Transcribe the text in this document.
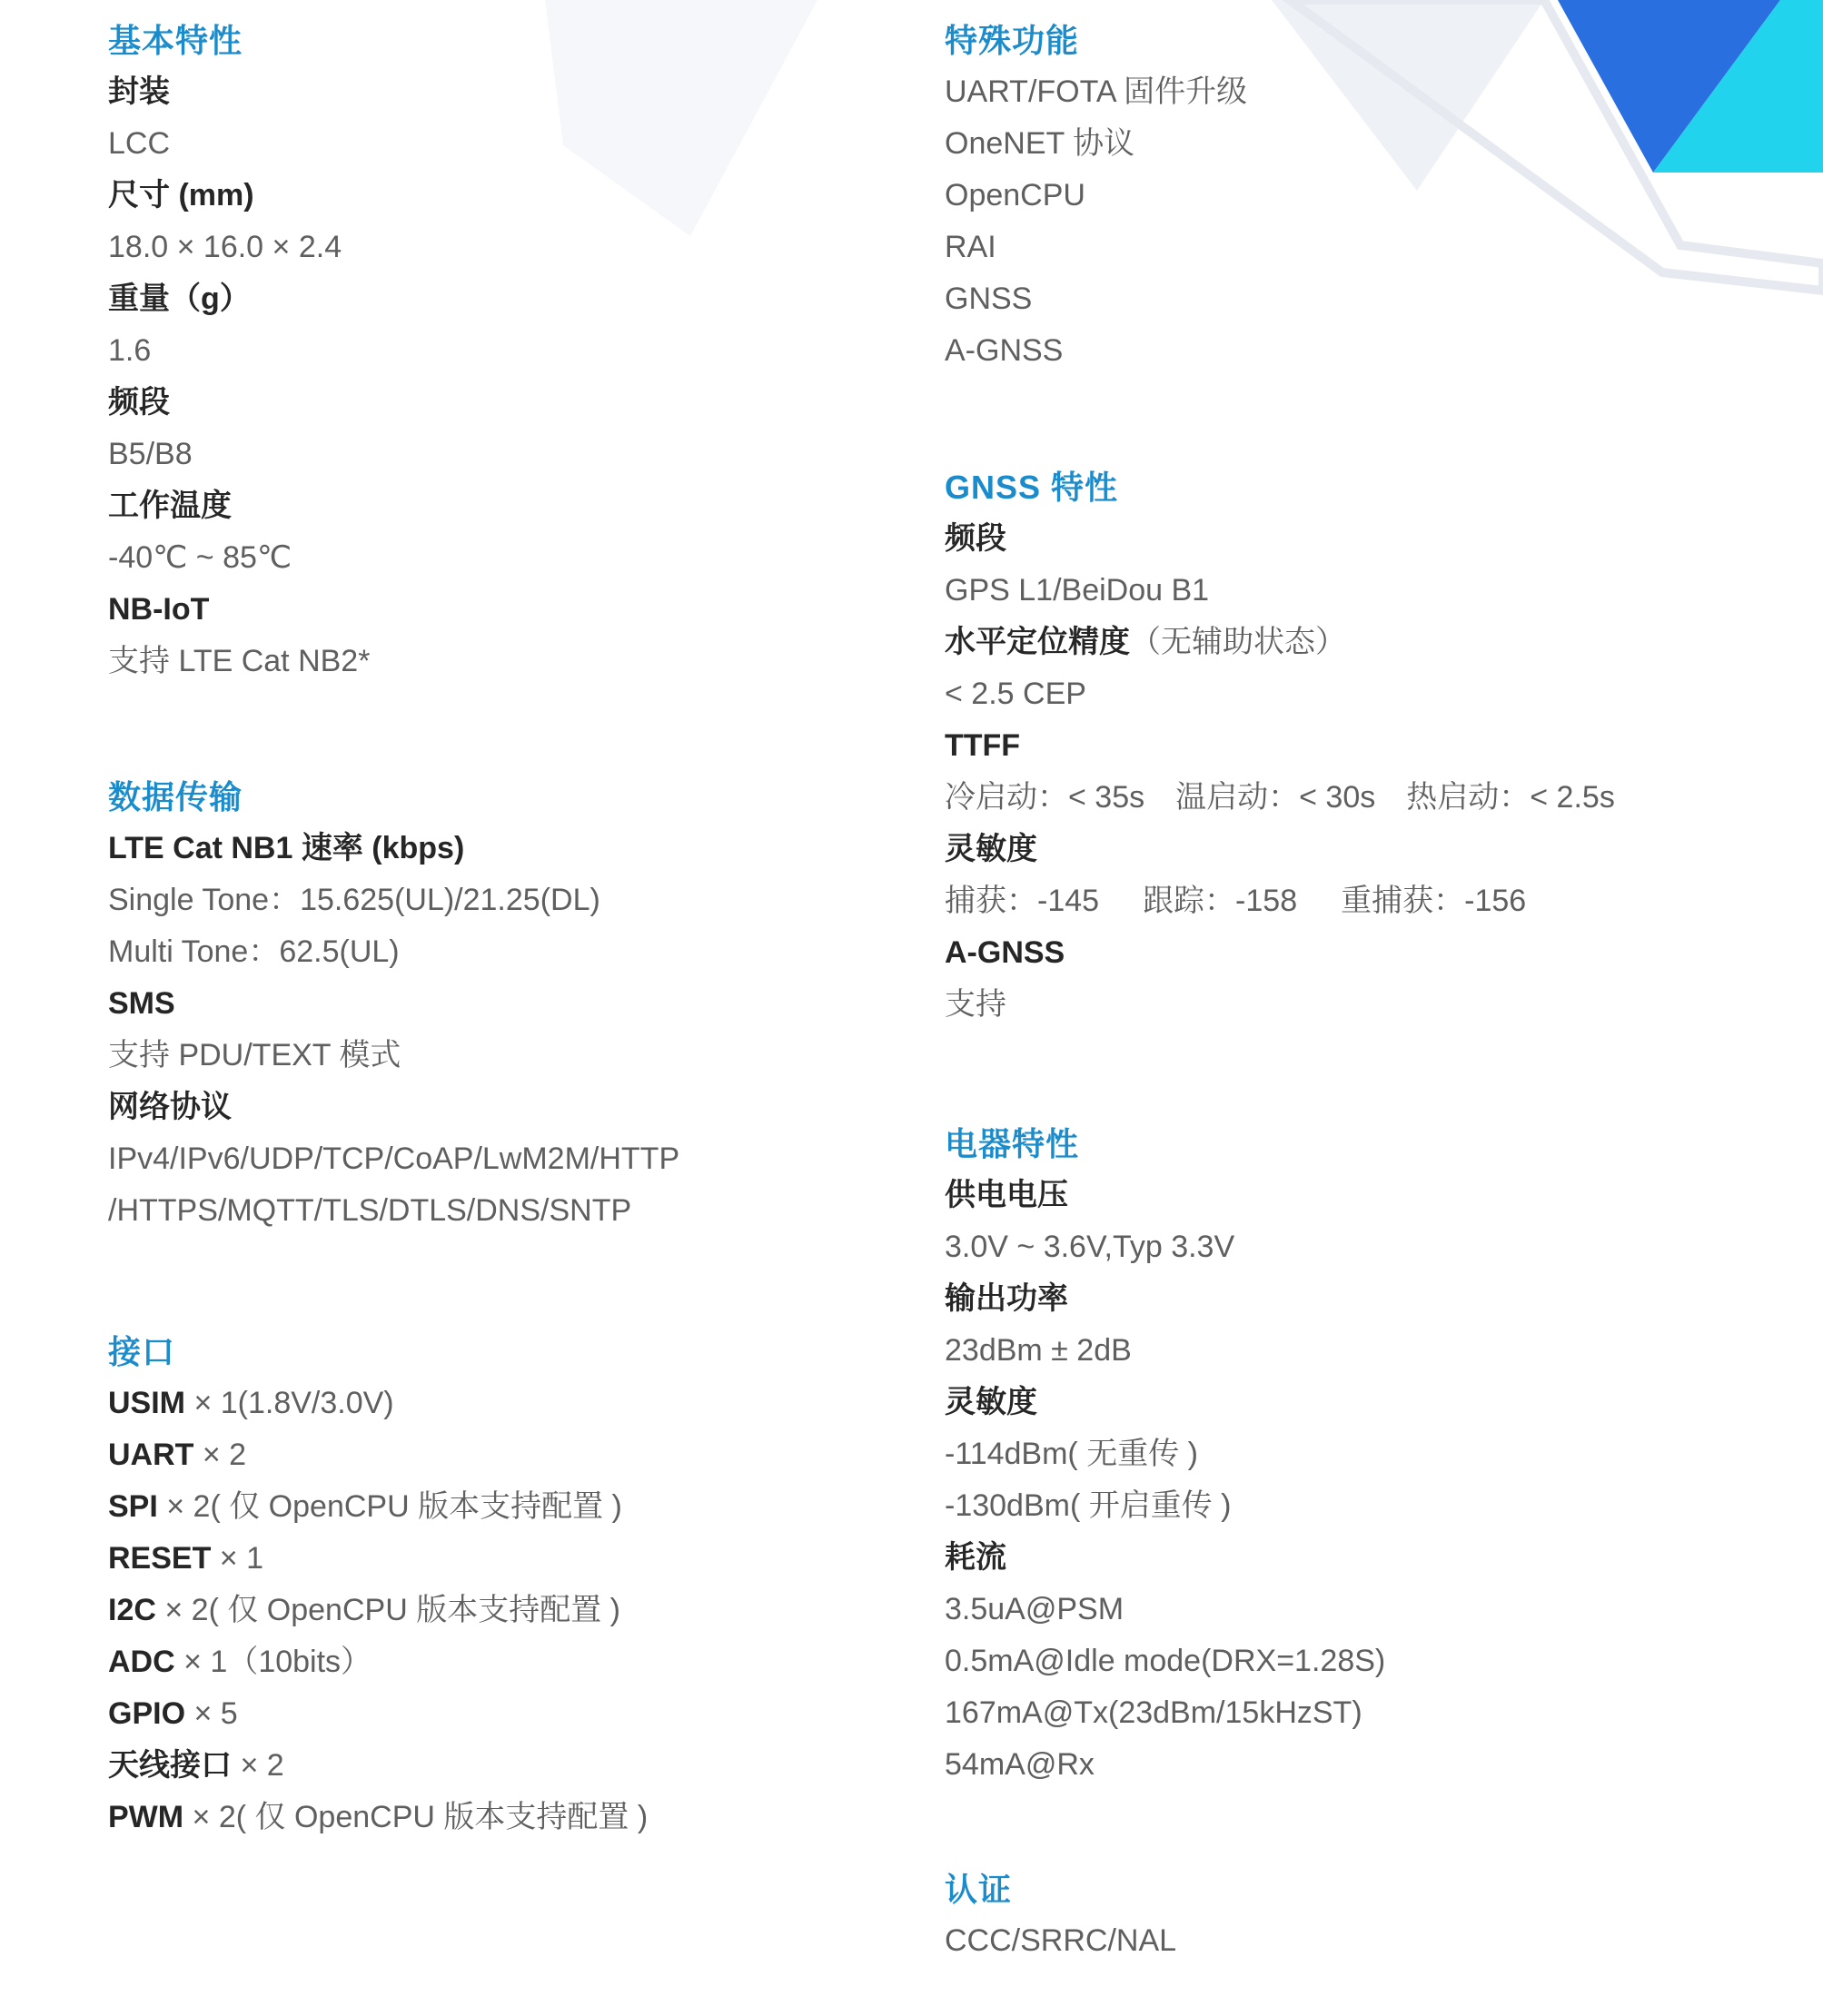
基本特性
封装
LCC
尺寸 (mm)
18.0 × 16.0 × 2.4
重量（g）
1.6
频段
B5/B8
工作温度
-40℃ ~ 85℃
NB-IoT
支持 LTE Cat NB2*
数据传输
LTE Cat NB1 速率 (kbps)
Single Tone：15.625(UL)/21.25(DL)
Multi Tone：62.5(UL)
SMS
支持 PDU/TEXT 模式
网络协议
IPv4/IPv6/UDP/TCP/CoAP/LwM2M/HTTP
/HTTPS/MQTT/TLS/DTLS/DNS/SNTP
接口
USIM × 1(1.8V/3.0V)
UART × 2
SPI × 2( 仅 OpenCPU 版本支持配置 )
RESET × 1
I2C × 2( 仅 OpenCPU 版本支持配置 )
ADC × 1（10bits）
GPIO × 5
天线接口 × 2
PWM × 2( 仅 OpenCPU 版本支持配置 )
特殊功能
UART/FOTA 固件升级
OneNET 协议
OpenCPU
RAI
GNSS
A-GNSS
GNSS 特性
频段
GPS L1/BeiDou B1
水平定位精度（无辅助状态）
< 2.5 CEP
TTFF
冷启动：< 35s 温启动：< 30s 热启动：< 2.5s
灵敏度
捕获：-145 跟踪：-158 重捕获：-156
A-GNSS
支持
电器特性
供电电压
3.0V ~ 3.6V,Typ 3.3V
输出功率
23dBm ± 2dB
灵敏度
-114dBm( 无重传 )
-130dBm( 开启重传 )
耗流
3.5uA@PSM
0.5mA@Idle mode(DRX=1.28S)
167mA@Tx(23dBm/15kHzST)
54mA@Rx
认证
CCC/SRRC/NAL
